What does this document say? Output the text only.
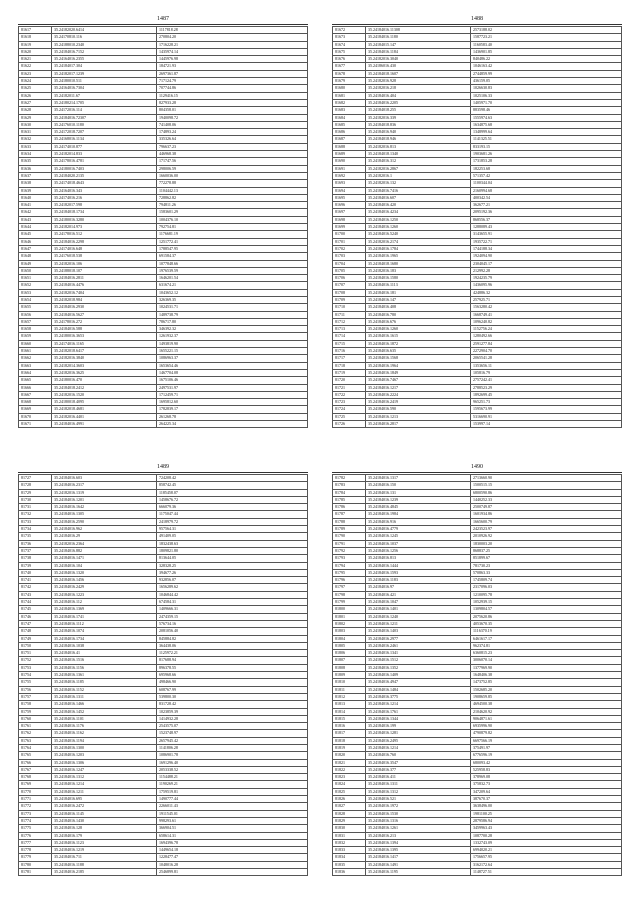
1487
81617	35.24182020.6414	1117818.28
81618	35.24170810.116	270804.20
81619	35.24188010.2340	1716228.21
81620	35.24184016.7152	1435974.14
81621	35.24164016.2355	1445976.98
81622	35.24184017.304	184721.93
81623	35.24182017.1239	2697361.87
81624	35.24180010.511	717124.79
81625	35.24164016.7304	707744.86
81626	35.24182011.67	1129416.15
81627	35.24180214.1705	827933.28
81628	35.24172016.114	804358.01
81629	35.24184016.72307	1940098.72
81630	35.24176010.1180	741408.06
81631	35.24172018.7207	174893.24
81632	35.24168016.1134	335326.64
81633	35.24174010.877	796637.23
81634	35.24182014.833	446968.38
81635	35.24178016.4781	171747.56
81636	35.24180016.7403	298006.59
81637	35.24184020.2135	1660036.00
81638	35.24174018.4643	772278.88
81639	35.24164016.343	1104442.13
81640	35.24174016.216	728862.82
81641	35.24182017.598	794811.26
81642	35.24184018.1734	1583601.29
81643	35.24180016.3280	1004376.10
81644	35.24182014.973	792754.81
81645	35.24178016.512	1176681.19
81646	35.24184016.2298	1251772.41
81647	35.24174016.648	1788547.95
81648	35.24176018.538	691584.37
81649	35.24182016.106	1077848.66
81650	35.24188018.107	1976539.59
81651	35.24184016.2811	1646201.54
81652	35.24184016.4476	631674.21
81653	35.24182016.7404	1043652.12
81654	35.24182018.984	326369.35
81655	35.24184016.2930	1024531.71
81656	35.24184016.5627	1489738.79
81657	35.24178016.272	786717.80
81658	35.24184016.588	346392.32
81659	35.24180016.3653	1261932.37
81660	35.24174016.1165	1493819.90
81661	35.24182018.6417	1655221.15
81662	35.24182016.3840	1086963.37
81663	35.24182014.3603	1653654.46
81664	35.24182016.3625	1467704.08
81665	35.24180016.470	1675106.46
81666	35.24184018.2412	2497531.97
81667	35.24182016.1520	1712459.71
81668	35.24180018.4095	1695812.60
81669	35.24182018.4681	1782839.17
81670	35.24182016.4401	261268.78
81671	35.24184016.4991	264225.34
1488
81672	35.24184016.11308	2573188.02
81673	35.24184016.1180	1587723.21
81674	35.24184015.147	1160583.40
81675	35.24184016.1184	1436901.85
81676	35.24182016.3040	840486.22
81677	35.24186016.430	1046163.42
81678	35.24184018.1607	2744859.99
81679	35.24182016.928	436159.05
81680	35.24182016.218	1026630.83
81681	35.24184016.404	1025106.33
81682	35.24184016.2205	1405971.70
81683	35.24184018.255	883598.46
81684	35.24182016.339	1555974.63
81685	35.24184018.836	1634875.68
81686	35.24184016.940	1348999.64
81687	35.24184018.946	1141325.51
81688	35.24182016.813	833193.15
81689	35.24184018.1340	1903681.26
81690	35.24184016.312	1731853.28
81691	35.24182016.2867	182253.68
81692	35.24182016.1	571357.42
81693	35.24182016.132	1100344.04
81694	35.24184016.7416	2160994.68
81695	35.24184016.607	400342.54
81696	35.24184016.420	362677.21
81697	35.24184016.4234	2095192.36
81698	35.24184016.1250	868556.37
81699	35.24184016.1260	1288089.43
81700	35.24184016.5240	3143655.91
81701	35.24182016.2174	1935722.71
81702	35.24184016.1784	1744188.34
81703	35.24184016.1965	1924094.90
81704	35.24184018.1680	2304045.17
81705	35.24182016.183	212992.28
81706	35.24184016.1580	1924235.79
81707	35.24184016.1113	1436095.96
81708	35.24184016.181	424886.32
81709	35.24184016.147	257925.71
81710	35.24184016.408	1563280.42
81711	35.24184016.780	1668749.41
81712	35.24184016.676	1096240.82
81713	35.24184016.1260	1152756.24
81714	35.24184016.1615	1280492.66
81715	35.24184016.1872	2591277.84
81716	35.24184016.635	2272904.70
81717	35.24184016.1568	2065541.28
81718	35.24184016.1964	1353656.11
81719	35.24184016.1849	105816.79
81720	35.24184016.7467	2757242.41
81721	35.24184016.1217	2788523.29
81722	35.24184016.2224	1892699.45
81723	35.24184016.2419	965251.73
81724	35.24184016.590	1595673.99
81725	35.24184016.1213	5316690.91
81726	35.24184016.2817	153997.14
1489
81727	35.24184016.603	724208.42
81728	35.24184016.2317	858742.45
81729	35.24182016.1319	1185458.07
81730	35.24184016.1201	1458676.72
81731	35.24184016.1642	666079.36
81732	35.24184016.1305	1175047.44
81733	35.24184016.2590	2418979.72
81734	35.24184016.962	957564.31
81735	35.24184016.29	491409.05
81736	35.24182016.2364	1832438.63
81737	35.24184016.882	1809821.80
81738	35.24184016.1471	813644.05
81739	35.24184016.104	328328.25
81740	35.24184016.1320	394677.26
81741	35.24184016.1456	932856.07
81742	35.24184016.2429	1656289.62
81743	35.24184016.1223	1046844.42
81744	35.24184016.112	674584.31
81745	35.24184016.1369	1409666.31
81746	35.24184016.1741	2474359.15
81747	35.24184016.1112	576734.16
81748	35.24184016.1074	2081056.40
81749	35.24184016.1734	845884.82
81750	35.24184016.1038	364438.06
81751	35.24184016.41	1125972.21
81752	35.24184016.1516	817688.94
81753	35.24184016.1156	896378.55
81754	35.24184016.1361	695968.66
81755	35.24184016.1185	498466.90
81756	35.24184016.1152	608767.99
81757	35.24184016.1311	539800.30
81758	35.24184016.1466	831728.42
81759	35.24184016.1452	1023859.39
81760	35.24184016.1101	1414932.28
81761	35.24184016.1176	2543575.07
81762	35.24184016.1162	1523748.97
81763	35.24184016.1194	2657945.42
81764	35.24184016.1300	1141806.28
81765	35.24184016.1203	1086901.78
81766	35.24184016.1306	1691296.40
81767	35.24184016.1247	2053338.52
81768	35.24184016.1312	1154488.21
81769	35.24184016.1214	1190269.21
81770	35.24184016.1211	1759519.81
81771	35.24184016.695	1490777.44
81772	35.24184016.2472	2266011.43
81773	35.24184016.1145	1911545.01
81774	35.24184016.1430	998293.61
81775	35.24184016.128	366904.51
81776	35.24184016.179	658614.31
81777	35.24184016.1123	1694396.78
81778	35.24184016.1219	1449654.18
81779	35.24184016.711	1228477.47
81780	35.24184016.1188	1048016.28
81781	35.24184016.2185	2546899.81
1490
81782	35.24184016.1317	2713660.90
81783	35.24184016.150	1500515.15
81784	35.24184016.131	6800590.86
81785	35.24184016.1239	1440252.33
81786	35.24184016.4845	2500749.87
81787	35.24184016.1984	1601934.86
81788	35.24184016.916	1665600.79
81789	35.24184016.4779	2423523.97
81790	35.24184016.1245	2010926.92
81791	35.24184016.1037	1830003.20
81792	35.24184016.1256	868837.25
81793	35.24184016.813	851899.67
81794	35.24184016.1444	781730.23
81795	35.24184016.1593	570863.33
81796	35.24184016.1183	1745809.74
81797	35.24184016.97	2317096.03
81798	35.24184016.421	1210095.78
81799	35.24184016.1047	1052939.15
81800	35.24184016.1401	1309804.57
81801	35.24184016.1240	2075620.86
81802	35.24184016.1211	4053670.35
81803	35.24184016.1403	1116370.19
81804	35.24184016.2977	6461617.17
81805	35.24184016.2461	962374.81
81806	35.24184016.1341	6360815.23
81807	35.24184016.1512	3006070.14
81808	35.24184016.1352	1377969.90
81809	35.24184016.1409	1648406.38
81810	35.24184016.4947	1473752.85
81811	35.24184016.1484	1502685.20
81812	35.24184016.3775	1908659.85
81813	35.24184016.1214	4694500.38
81814	35.24184016.1761	2104620.92
81815	35.24184016.1344	9064871.61
81816	35.24184016.199	6935996.90
81817	35.24184016.1281	4790879.82
81818	35.24184016.2495	6697566.19
81819	35.24184016.1214	375491.97
81820	35.24184016.760	6776596.19
81821	35.24184016.3547	680093.42
81822	35.24184016.377	525958.83
81823	35.24184016.411	378969.08
81824	35.24184016.1311	375832.73
81825	35.24184016.1312	347209.64
81826	35.24184016.521	387670.37
81827	35.24184016.1972	3638496.00
81828	35.24184016.1530	1981100.25
81829	35.24184016.1316	2879586.94
81830	35.24184016.1261	3459963.43
81831	35.24184016.213	1087700.28
81832	35.24184016.1394	1332743.09
81833	35.24184016.1395	6994020.21
81834	35.24184016.1417	1756657.95
81835	35.24184016.1491	3162172.64
81836	35.24184016.1195	1148727.51
